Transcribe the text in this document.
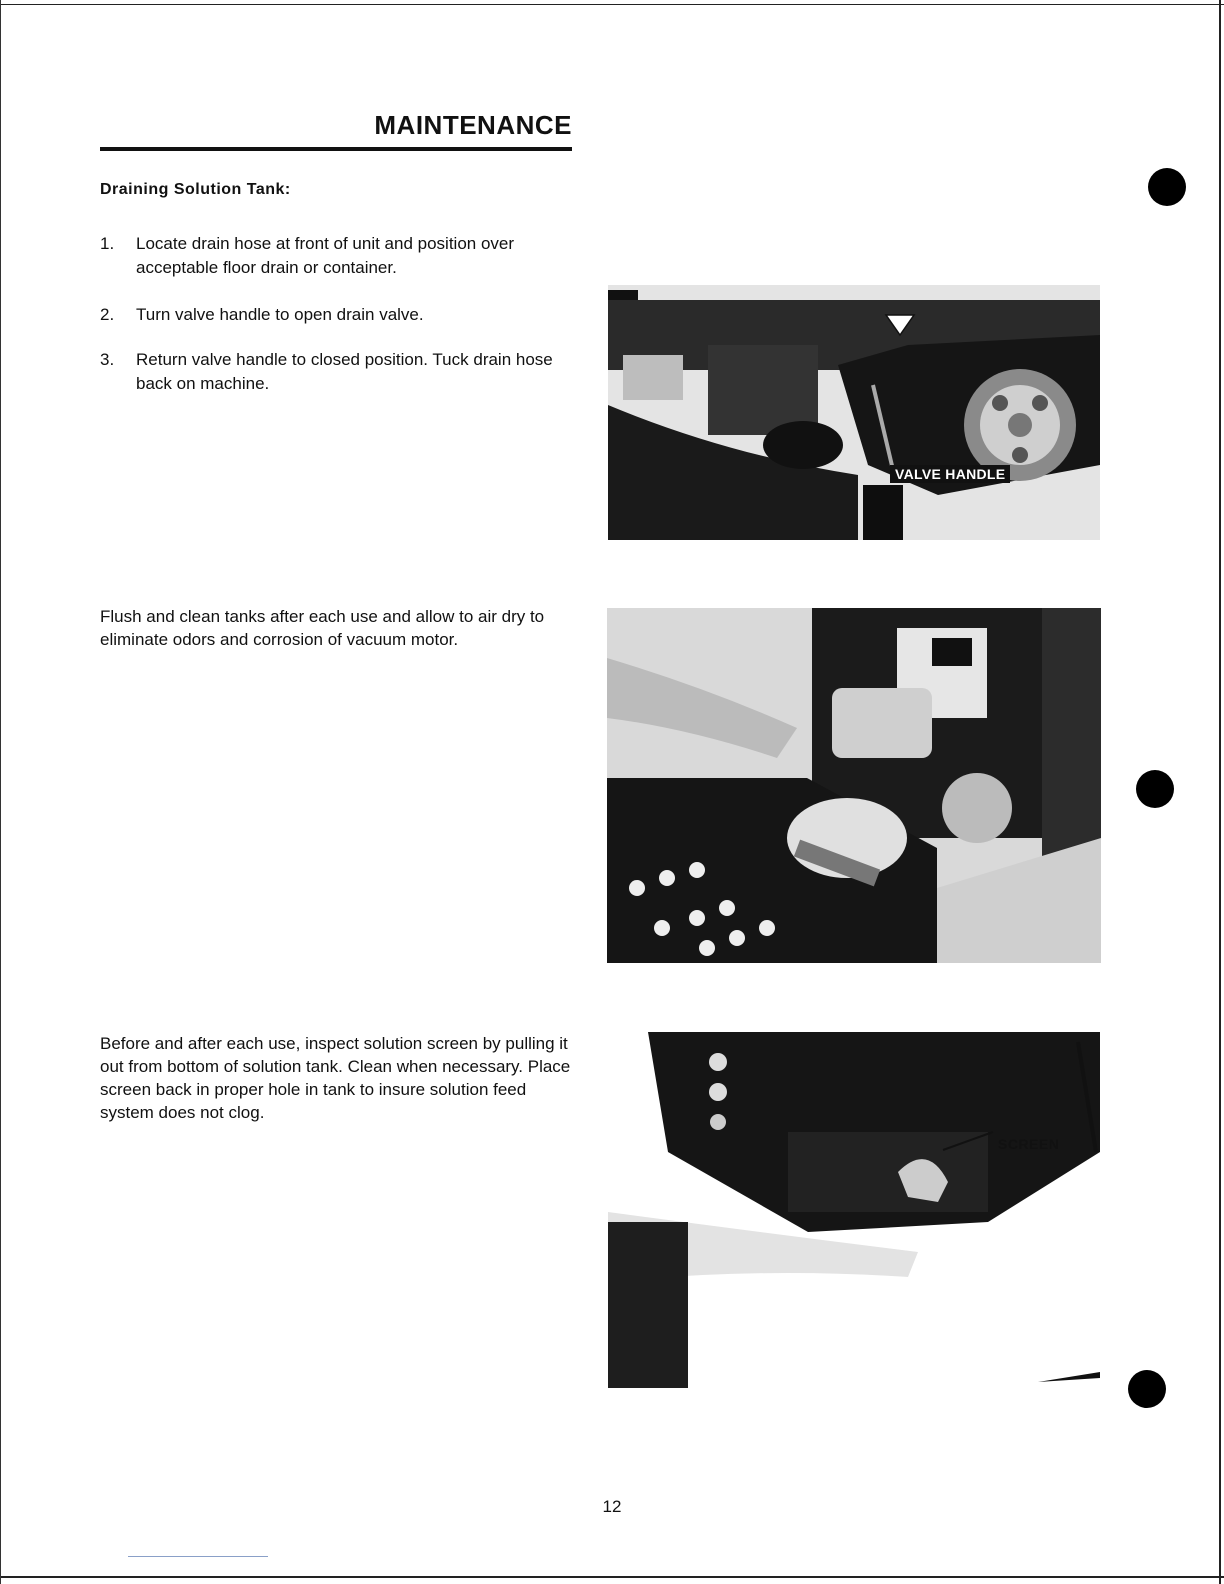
MAINTENANCE
Draining Solution Tank:
1.	Locate drain hose at front of unit and position over acceptable floor drain or container.
2.	Turn valve handle to open drain valve.
3.	Return valve handle to closed position. Tuck drain hose back on machine.
Flush and clean tanks after each use and allow to air dry to eliminate odors and corrosion of vacuum motor.
Before and after each use, inspect solution screen by pulling it out from bottom of solution tank. Clean when necessary. Place screen back in proper hole in tank to insure solution feed system does not clog.
VALVE HANDLE
SCREEN
12
